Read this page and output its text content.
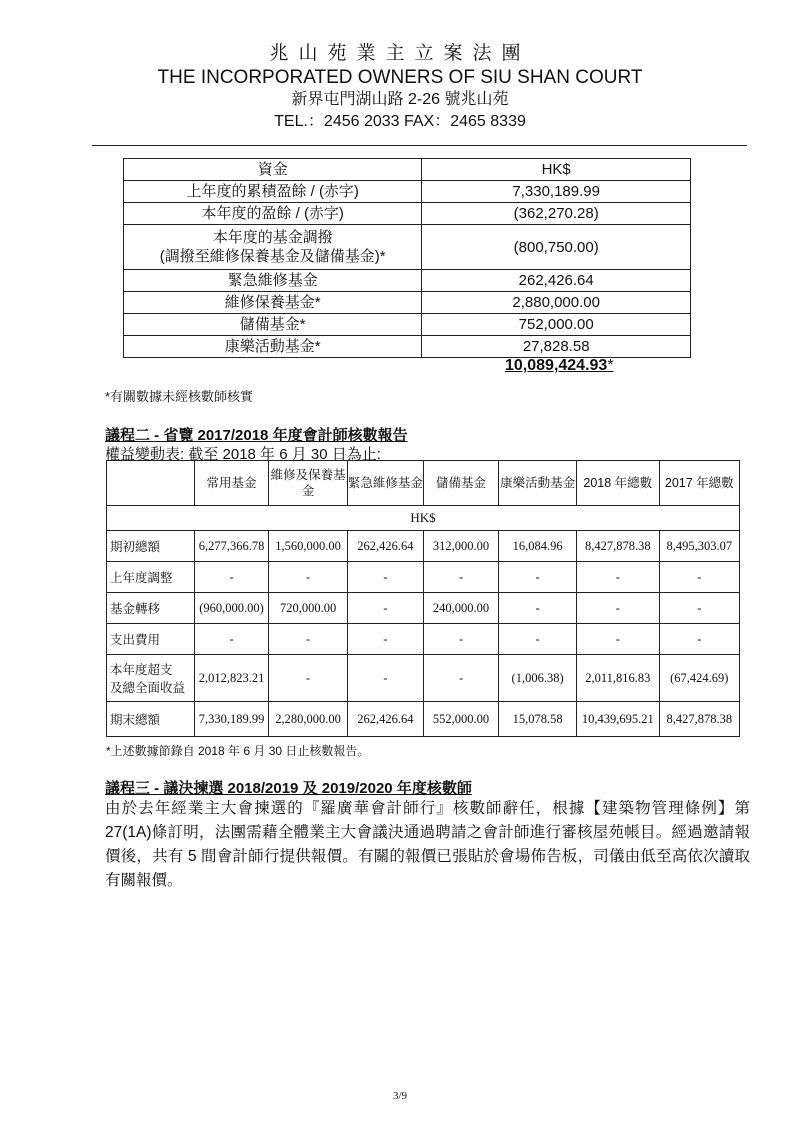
兆山苑業主立案法團
THE INCORPORATED OWNERS OF SIU SHAN COURT
新界屯門湖山路 2-26 號兆山苑
TEL.：2456 2033 FAX：2465 8339
資金	HK$
上年度的累積盈餘 / (赤字)	7,330,189.99
本年度的盈餘 / (赤字)	(362,270.28)

本年度的基金調撥
(調撥至維修保養基金及儲備基金)*	(800,750.00)
緊急維修基金	262,426.64
維修保養基金*	2,880,000.00
儲備基金*	752,000.00
康樂活動基金*	27,828.58
10,089,424.93*
*有關數據未經核數師核實
議程二 - 省覽 2017/2018 年度會計師核數報告
權益變動表: 截至 2018 年 6 月 30 日為止:
	常用基金	維修及保養基金	緊急維修基金	儲備基金	康樂活動基金	2018 年總數	2017 年總數
HK$							
期初總額	6,277,366.78	1,560,000.00	262,426.64	312,000.00	16,084.96	8,427,878.38	8,495,303.07
上年度調整	-	-	-	-	-	-	-
基金轉移	(960,000.00)	720,000.00	-	240,000.00	-	-	-
支出費用	-	-	-	-	-	-	-

本年度超支
及總全面收益	2,012,823.21	-	-	-	(1,006.38)	2,011,816.83	(67,424.69)
期末總額	7,330,189.99	2,280,000.00	262,426.64	552,000.00	15,078.58	10,439,695.21	8,427,878.38
*上述數據節錄自 2018 年 6 月 30 日止核數報告。
議程三 - 議決揀選 2018/2019 及 2019/2020 年度核數師
由於去年經業主大會揀選的『羅廣華會計師行』核數師辭任，根據【建築物管理條例】第 27(1A)條訂明，法團需藉全體業主大會議決通過聘請之會計師進行審核屋苑帳目。經過邀請報價後，共有 5 間會計師行提供報價。有關的報價已張貼於會場佈告板，司儀由低至高依次讀取有關報價。
3/9
